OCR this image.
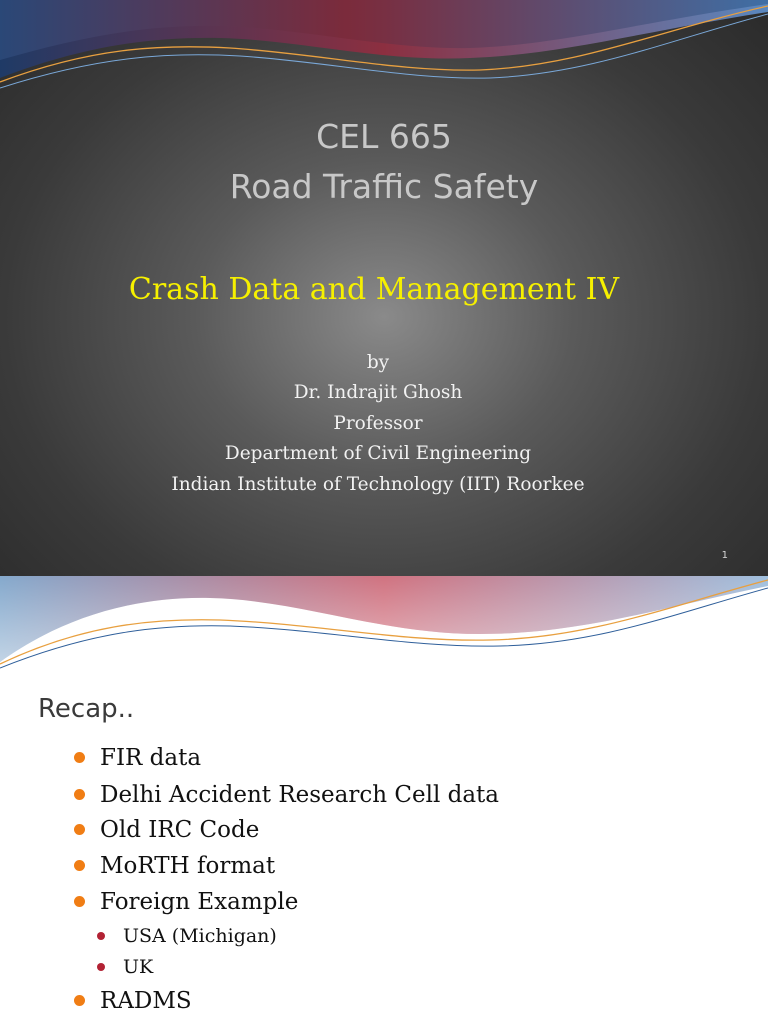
CEL 665
Road Traffic Safety
Crash Data and Management IV
by
Dr. Indrajit Ghosh
Professor
Department of Civil Engineering
Indian Institute of Technology (IIT) Roorkee
1
Recap..
FIR data
Delhi Accident Research Cell data
Old IRC Code
MoRTH format
Foreign Example
USA (Michigan)
UK
RADMS
